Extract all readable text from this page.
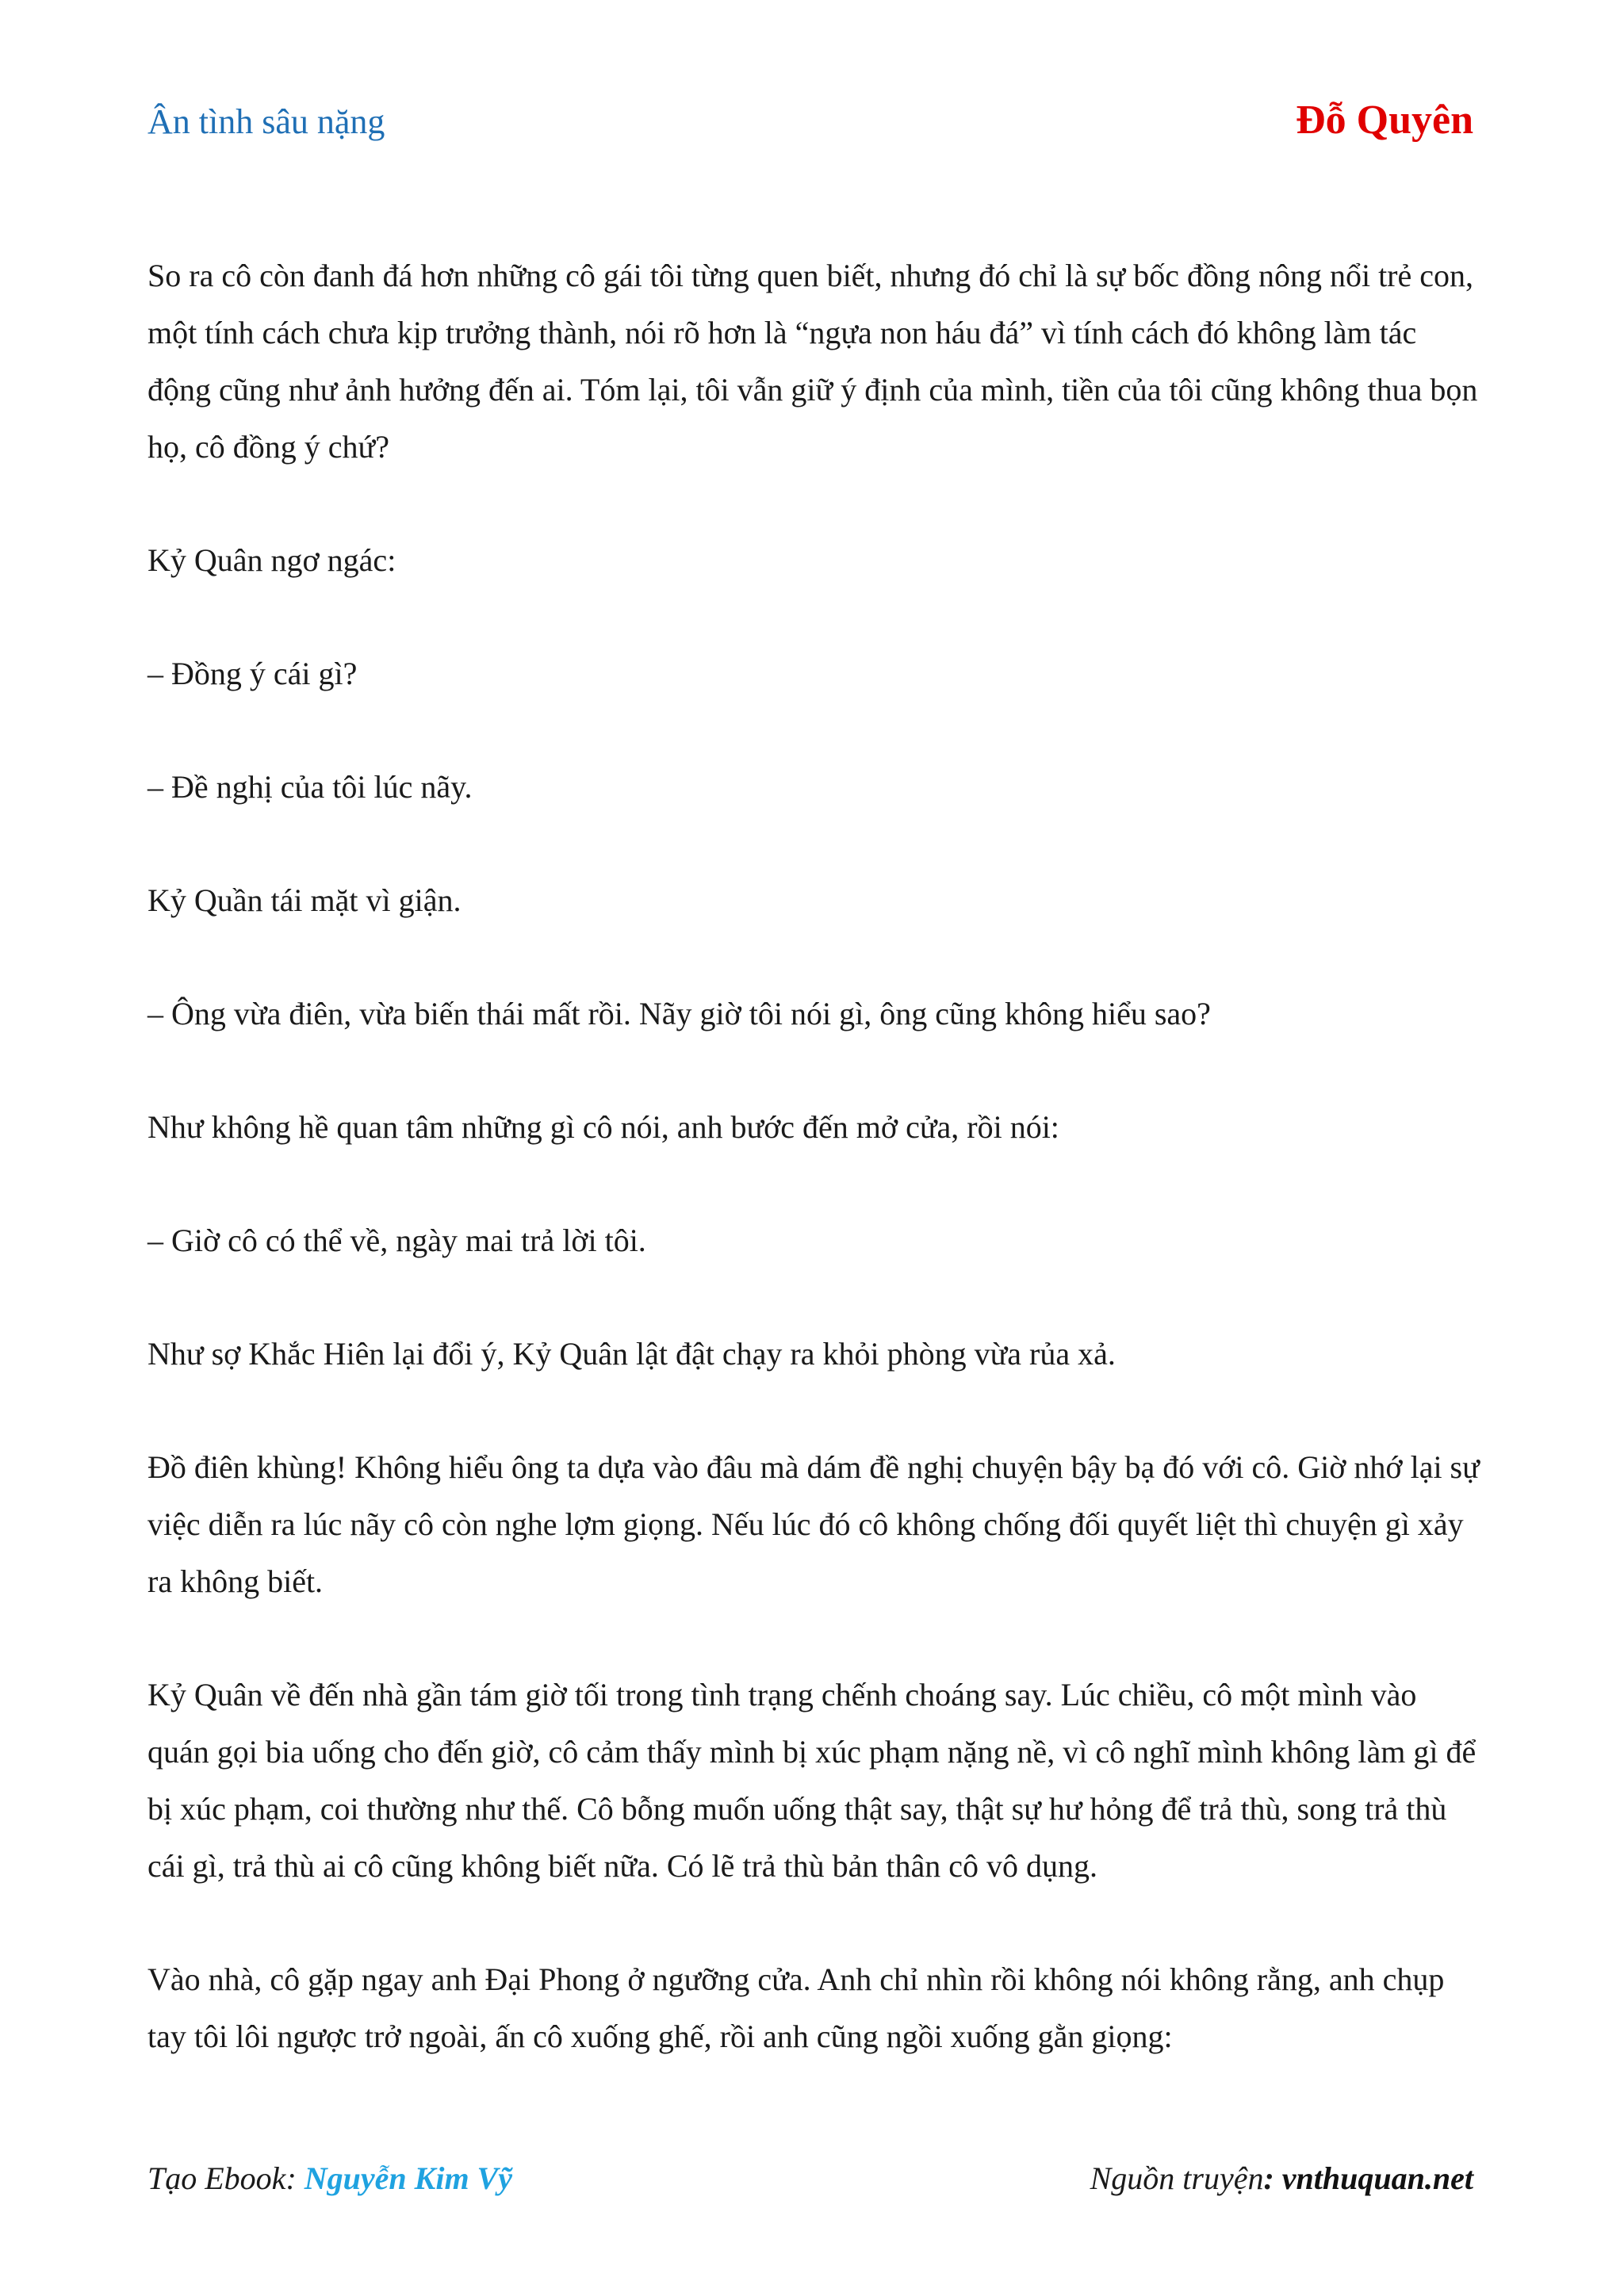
Ân tình sâu nặng	Đỗ Quyên

So ra cô còn đanh đá hơn những cô gái tôi từng quen biết, nhưng đó chỉ là sự bốc đồng nông nổi trẻ con, một tính cách chưa kịp trưởng thành, nói rõ hơn là “ngựa non háu đá” vì tính cách đó không làm tác động cũng như ảnh hưởng đến ai. Tóm lại, tôi vẫn giữ ý định của mình, tiền của tôi cũng không thua bọn họ, cô đồng ý chứ?

Kỷ Quân ngơ ngác:

– Đồng ý cái gì?

– Đề nghị của tôi lúc nãy.

Kỷ Quần tái mặt vì giận.

– Ông vừa điên, vừa biến thái mất rồi. Nãy giờ tôi nói gì, ông cũng không hiểu sao?

Như không hề quan tâm những gì cô nói, anh bước đến mở cửa, rồi nói:

– Giờ cô có thể về, ngày mai trả lời tôi.

Như sợ Khắc Hiên lại đổi ý, Kỷ Quân lật đật chạy ra khỏi phòng vừa rủa xả.

Đồ điên khùng! Không hiểu ông ta dựa vào đâu mà dám đề nghị chuyện bậy bạ đó với cô. Giờ nhớ lại sự việc diễn ra lúc nãy cô còn nghe lợm giọng. Nếu lúc đó cô không chống đối quyết liệt thì chuyện gì xảy ra không biết.

Kỷ Quân về đến nhà gần tám giờ tối trong tình trạng chếnh choáng say. Lúc chiều, cô một mình vào quán gọi bia uống cho đến giờ, cô cảm thấy mình bị xúc phạm nặng nề, vì cô nghĩ mình không làm gì để bị xúc phạm, coi thường như thế. Cô bỗng muốn uống thật say, thật sự hư hỏng để trả thù, song trả thù cái gì, trả thù ai cô cũng không biết nữa. Có lẽ trả thù bản thân cô vô dụng.

Vào nhà, cô gặp ngay anh Đại Phong ở ngưỡng cửa. Anh chỉ nhìn rồi không nói không rằng, anh chụp tay tôi lôi ngược trở ngoài, ấn cô xuống ghế, rồi anh cũng ngồi xuống gằn giọng:

Tạo Ebook: Nguyễn Kim Vỹ	Nguồn truyện: vnthuquan.net
